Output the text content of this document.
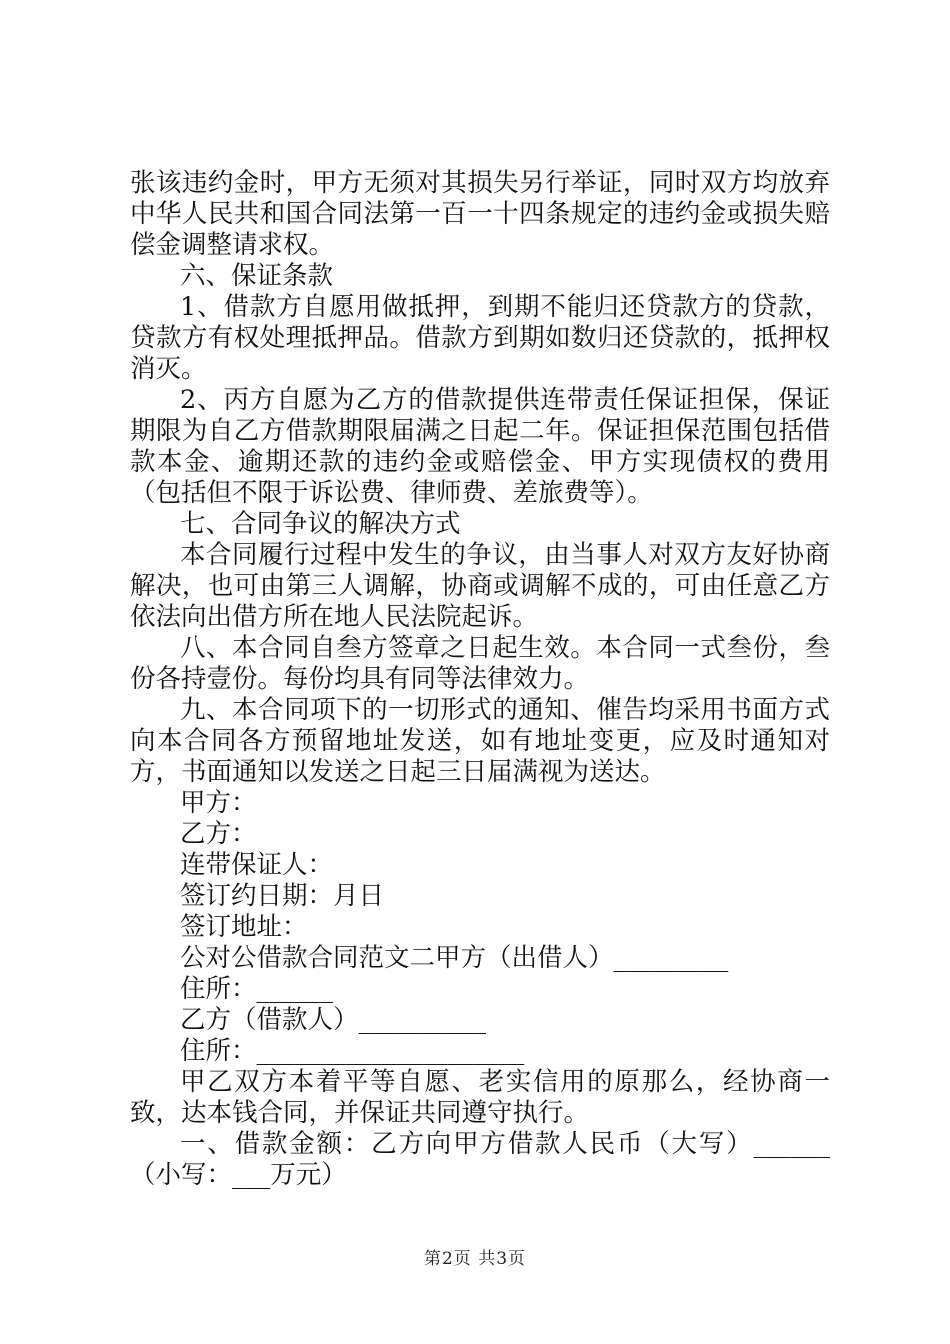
张该违约金时，甲方无须对其损失另行举证，同时双方均放弃中华人民共和国合同法第一百一十四条规定的违约金或损失赔偿金调整请求权。

六、保证条款

1、借款方自愿用做抵押，到期不能归还贷款方的贷款，贷款方有权处理抵押品。借款方到期如数归还贷款的，抵押权消灭。

2、丙方自愿为乙方的借款提供连带责任保证担保，保证期限为自乙方借款期限届满之日起二年。保证担保范围包括借款本金、逾期还款的违约金或赔偿金、甲方实现债权的费用（包括但不限于诉讼费、律师费、差旅费等）。

七、合同争议的解决方式

本合同履行过程中发生的争议，由当事人对双方友好协商解决，也可由第三人调解，协商或调解不成的，可由任意乙方依法向出借方所在地人民法院起诉。

八、本合同自叁方签章之日起生效。本合同一式叁份，叁份各持壹份。每份均具有同等法律效力。

九、本合同项下的一切形式的通知、催告均采用书面方式向本合同各方预留地址发送，如有地址变更，应及时通知对方，书面通知以发送之日起三日届满视为送达。

甲方：

乙方：

连带保证人：

签订约日期：月日

签订地址：

公对公借款合同范文二甲方（出借人）_________

住所：______

乙方（借款人）__________

住所：_____________________

甲乙双方本着平等自愿、老实信用的原那么，经协商一致，达本钱合同，并保证共同遵守执行。

一、借款金额：乙方向甲方借款人民币（大写）______（小写：___万元）

第2页 共3页
